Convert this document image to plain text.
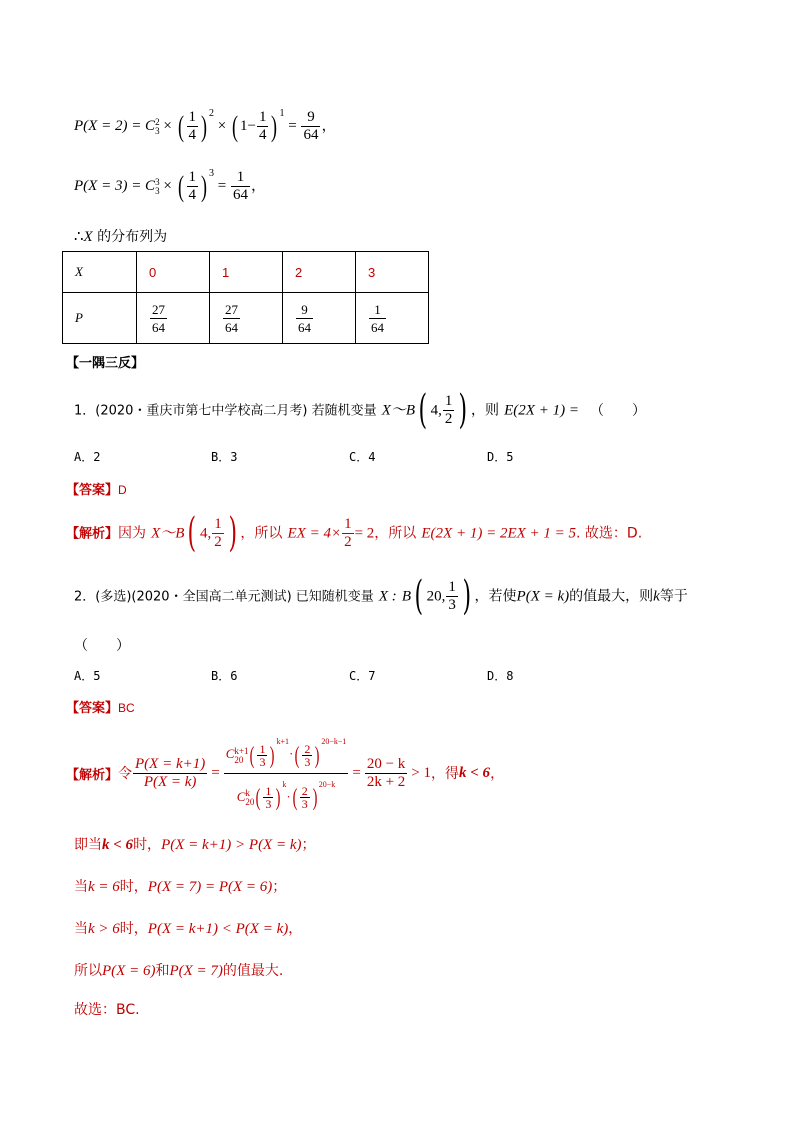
P(X = 2) = C2
3 × ( $\frac{1}{4}$ ) $^2$ × ( $1- \frac{1}{4}$ ) $^1 = \frac{9}{64}$ ，
P(X = 3) = C3
3 × ( $\frac{1}{4}$ ) $^3 = \frac{1}{64}$ ，
∴X 的分布列为
X	0	1	2	3
P	$\frac{27}{64}$	$\frac{27}{64}$	$\frac{9}{64}$	$\frac{1}{64}$
【一隅三反】
1．(2020・重庆市第七中学校高二月考) 若随机变量 X～B( 4, $\frac{1}{2}$ ) ，则 E(2X + 1) = （　　）
A．2	B．3	C．4	D．5
【答案】D
【解析】因为 X～B( 4, $\frac{1}{2}$ ) ，所以 EX = $4\times \frac{1}{2} = 2$，所以 E(2X + 1) = 2EX + 1 = 5. 故选：D.
2．(多选)(2020・全国高二单元测试) 已知随机变量 X : B( 20, $\frac{1}{3}$ ) ，若使P(X = k)的值最大，则k等于
（　　）
A．5	B．6	C．7	D．8
【答案】BC
【解析】 令 $\frac{P(X = k+1)}{P(X = k)}$ =
Ck+1
20 ( $\frac{1}{3} )^{k+1}\cdot( \frac{2}{3} )^{20-k-1}$
Ck
$20( \frac{1}{3} )^k\cdot( \frac{2}{3} )^{20-k}$
= $\frac{20 - k}{2k + 2} > 1$ ，得 k < 6 ，
即当k < 6时，P(X = k+1) > P(X = k)；
当k = 6时，P(X = 7) = P(X = 6)；
当k > 6时，P(X = k+1) < P(X = k)，
所以P(X = 6)和P(X = 7)的值最大.
故选：BC.
